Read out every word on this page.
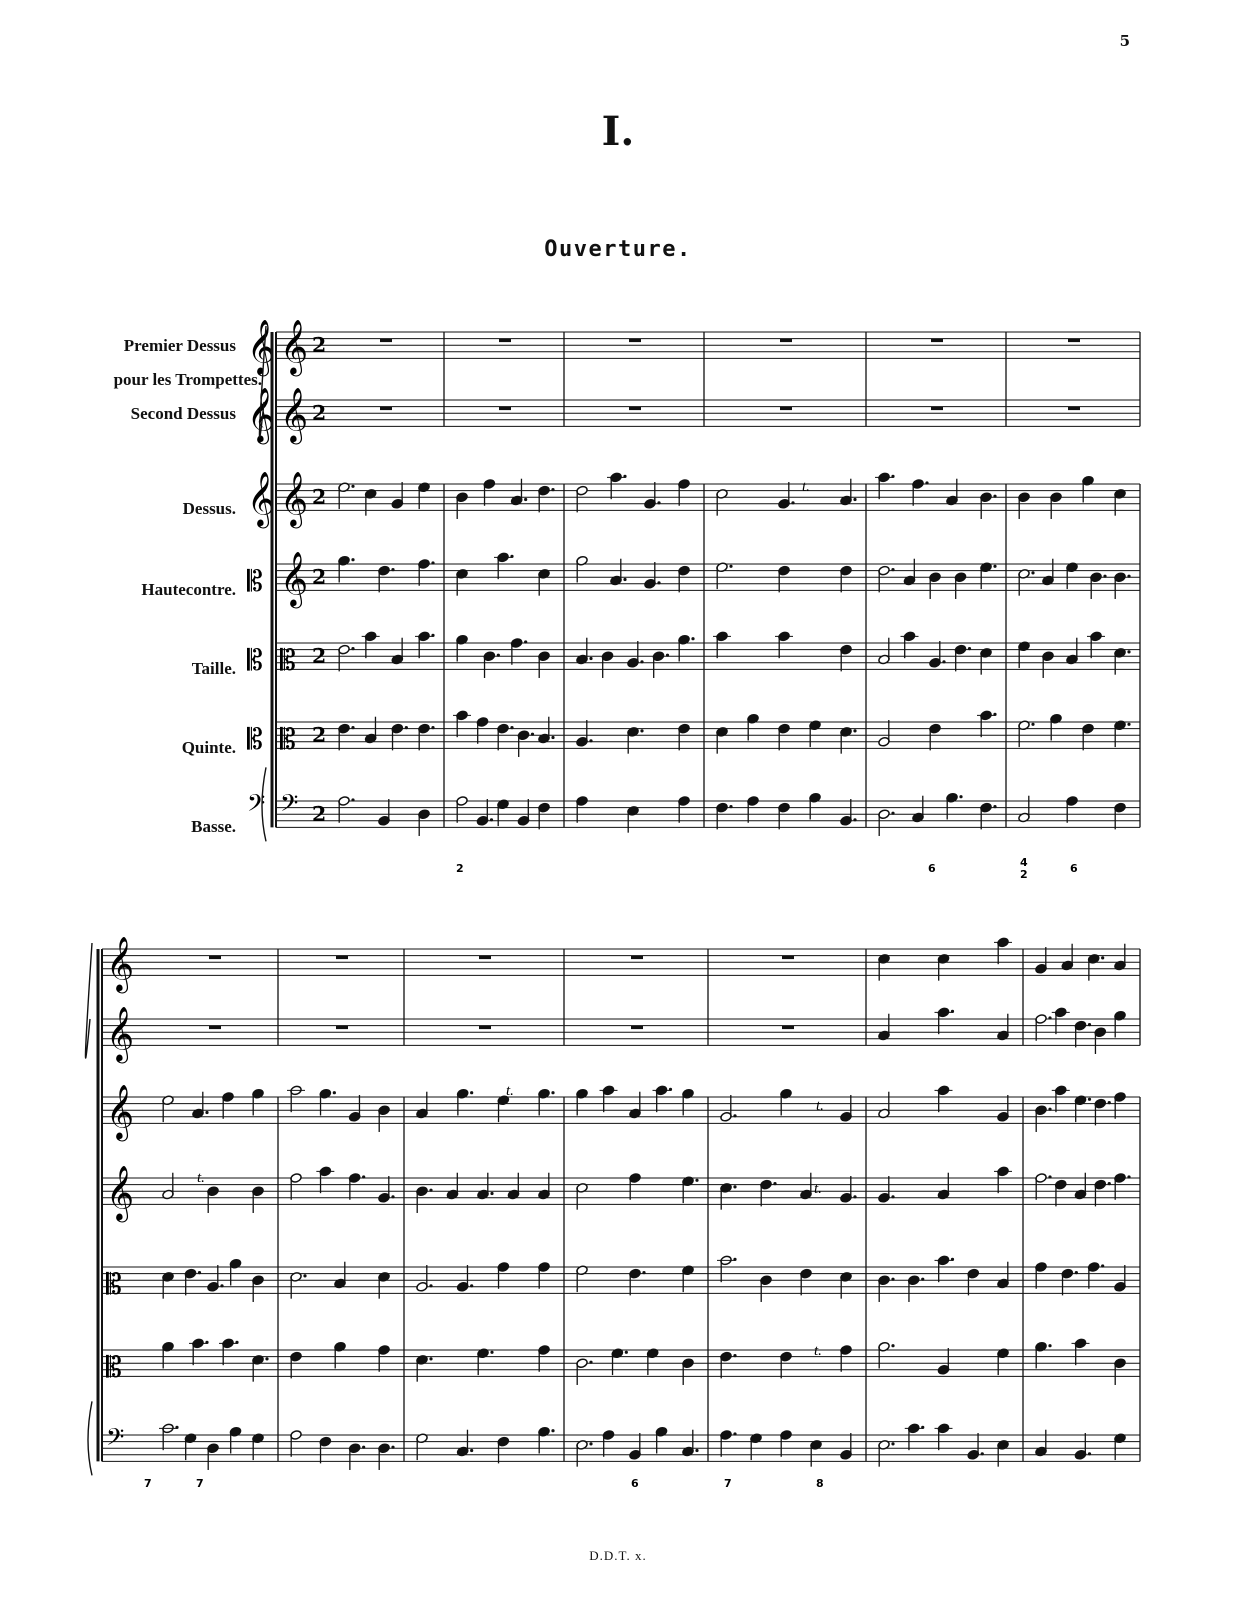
5
I.
Ouverture.
Premier Dessus
pour les Trompettes.
Second Dessus
Dessus.
Hautecontre.
Taille.
Quinte.
Basse.
𝄞 2
𝄞
𝄞 2
𝄞
𝄞 2
𝄞
𝄞 2
𝄡
𝄡 2
𝄡
𝄡 2
𝄡
𝄢 2
𝄢
t.
2	6	4
2	6
𝄞
𝄞
𝄞
𝄞
𝄡
𝄡
𝄢
t.
t.
t.
t.
t.
7	7	6	7	8
D.D.T. x.
